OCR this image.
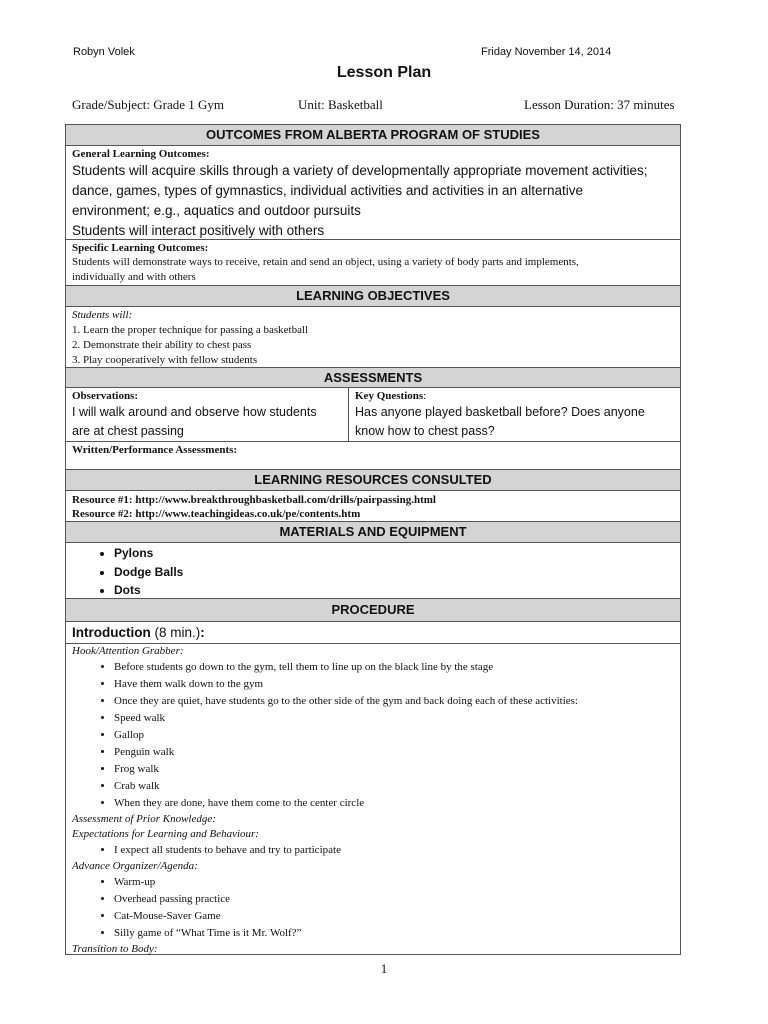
Robyn Volek	Friday November 14, 2014
Lesson Plan
Grade/Subject: Grade 1 Gym	Unit: Basketball	Lesson Duration: 37 minutes
OUTCOMES FROM ALBERTA PROGRAM OF STUDIES
General Learning Outcomes:
Students will acquire skills through a variety of developmentally appropriate movement activities;
dance, games, types of gymnastics, individual activities and activities in an alternative
environment; e.g., aquatics and outdoor pursuits
Students will interact positively with others
Specific Learning Outcomes:
Students will demonstrate ways to receive, retain and send an object, using a variety of body parts and implements,
individually and with others
LEARNING OBJECTIVES
Students will:
1. Learn the proper technique for passing a basketball
2. Demonstrate their ability to chest pass
3. Play cooperatively with fellow students
ASSESSMENTS
Observations:
I will walk around and observe how students
are at chest passing
Key Questions:
Has anyone played basketball before? Does anyone
know how to chest pass?
Written/Performance Assessments:
LEARNING RESOURCES CONSULTED
Resource #1: http://www.breakthroughbasketball.com/drills/pairpassing.html
Resource #2: http://www.teachingideas.co.uk/pe/contents.htm
MATERIALS AND EQUIPMENT
• Pylons
• Dodge Balls
• Dots
PROCEDURE
Introduction (8 min.):
Hook/Attention Grabber:
• Before students go down to the gym, tell them to line up on the black line by the stage
• Have them walk down to the gym
• Once they are quiet, have students go to the other side of the gym and back doing each of these activities:
• Speed walk
• Gallop
• Penguin walk
• Frog walk
• Crab walk
• When they are done, have them come to the center circle
Assessment of Prior Knowledge:
Expectations for Learning and Behaviour:
• I expect all students to behave and try to participate
Advance Organizer/Agenda:
• Warm-up
• Overhead passing practice
• Cat-Mouse-Saver Game
• Silly game of “What Time is it Mr. Wolf?”
Transition to Body:
1
